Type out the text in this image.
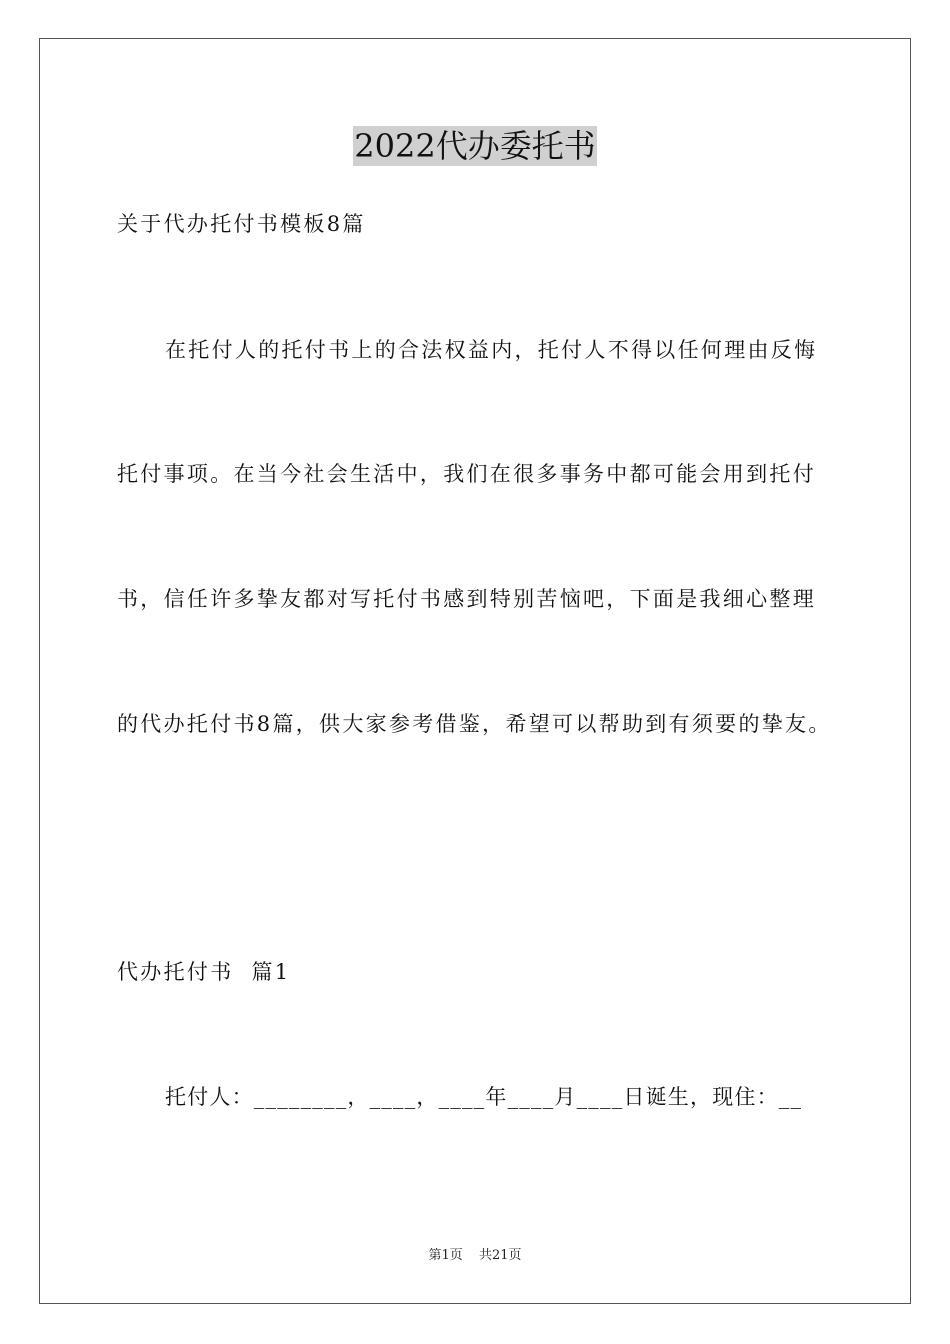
2022代办委托书
关于代办托付书模板8篇
在托付人的托付书上的合法权益内，托付人不得以任何理由反悔
托付事项。在当今社会生活中，我们在很多事务中都可能会用到托付
书，信任许多挚友都对写托付书感到特别苦恼吧，下面是我细心整理
的代办托付书8篇，供大家参考借鉴，希望可以帮助到有须要的挚友。
代办托付书  篇1
托付人：________，____，____年____月____日诞生，现住：__
第1页 共21页
